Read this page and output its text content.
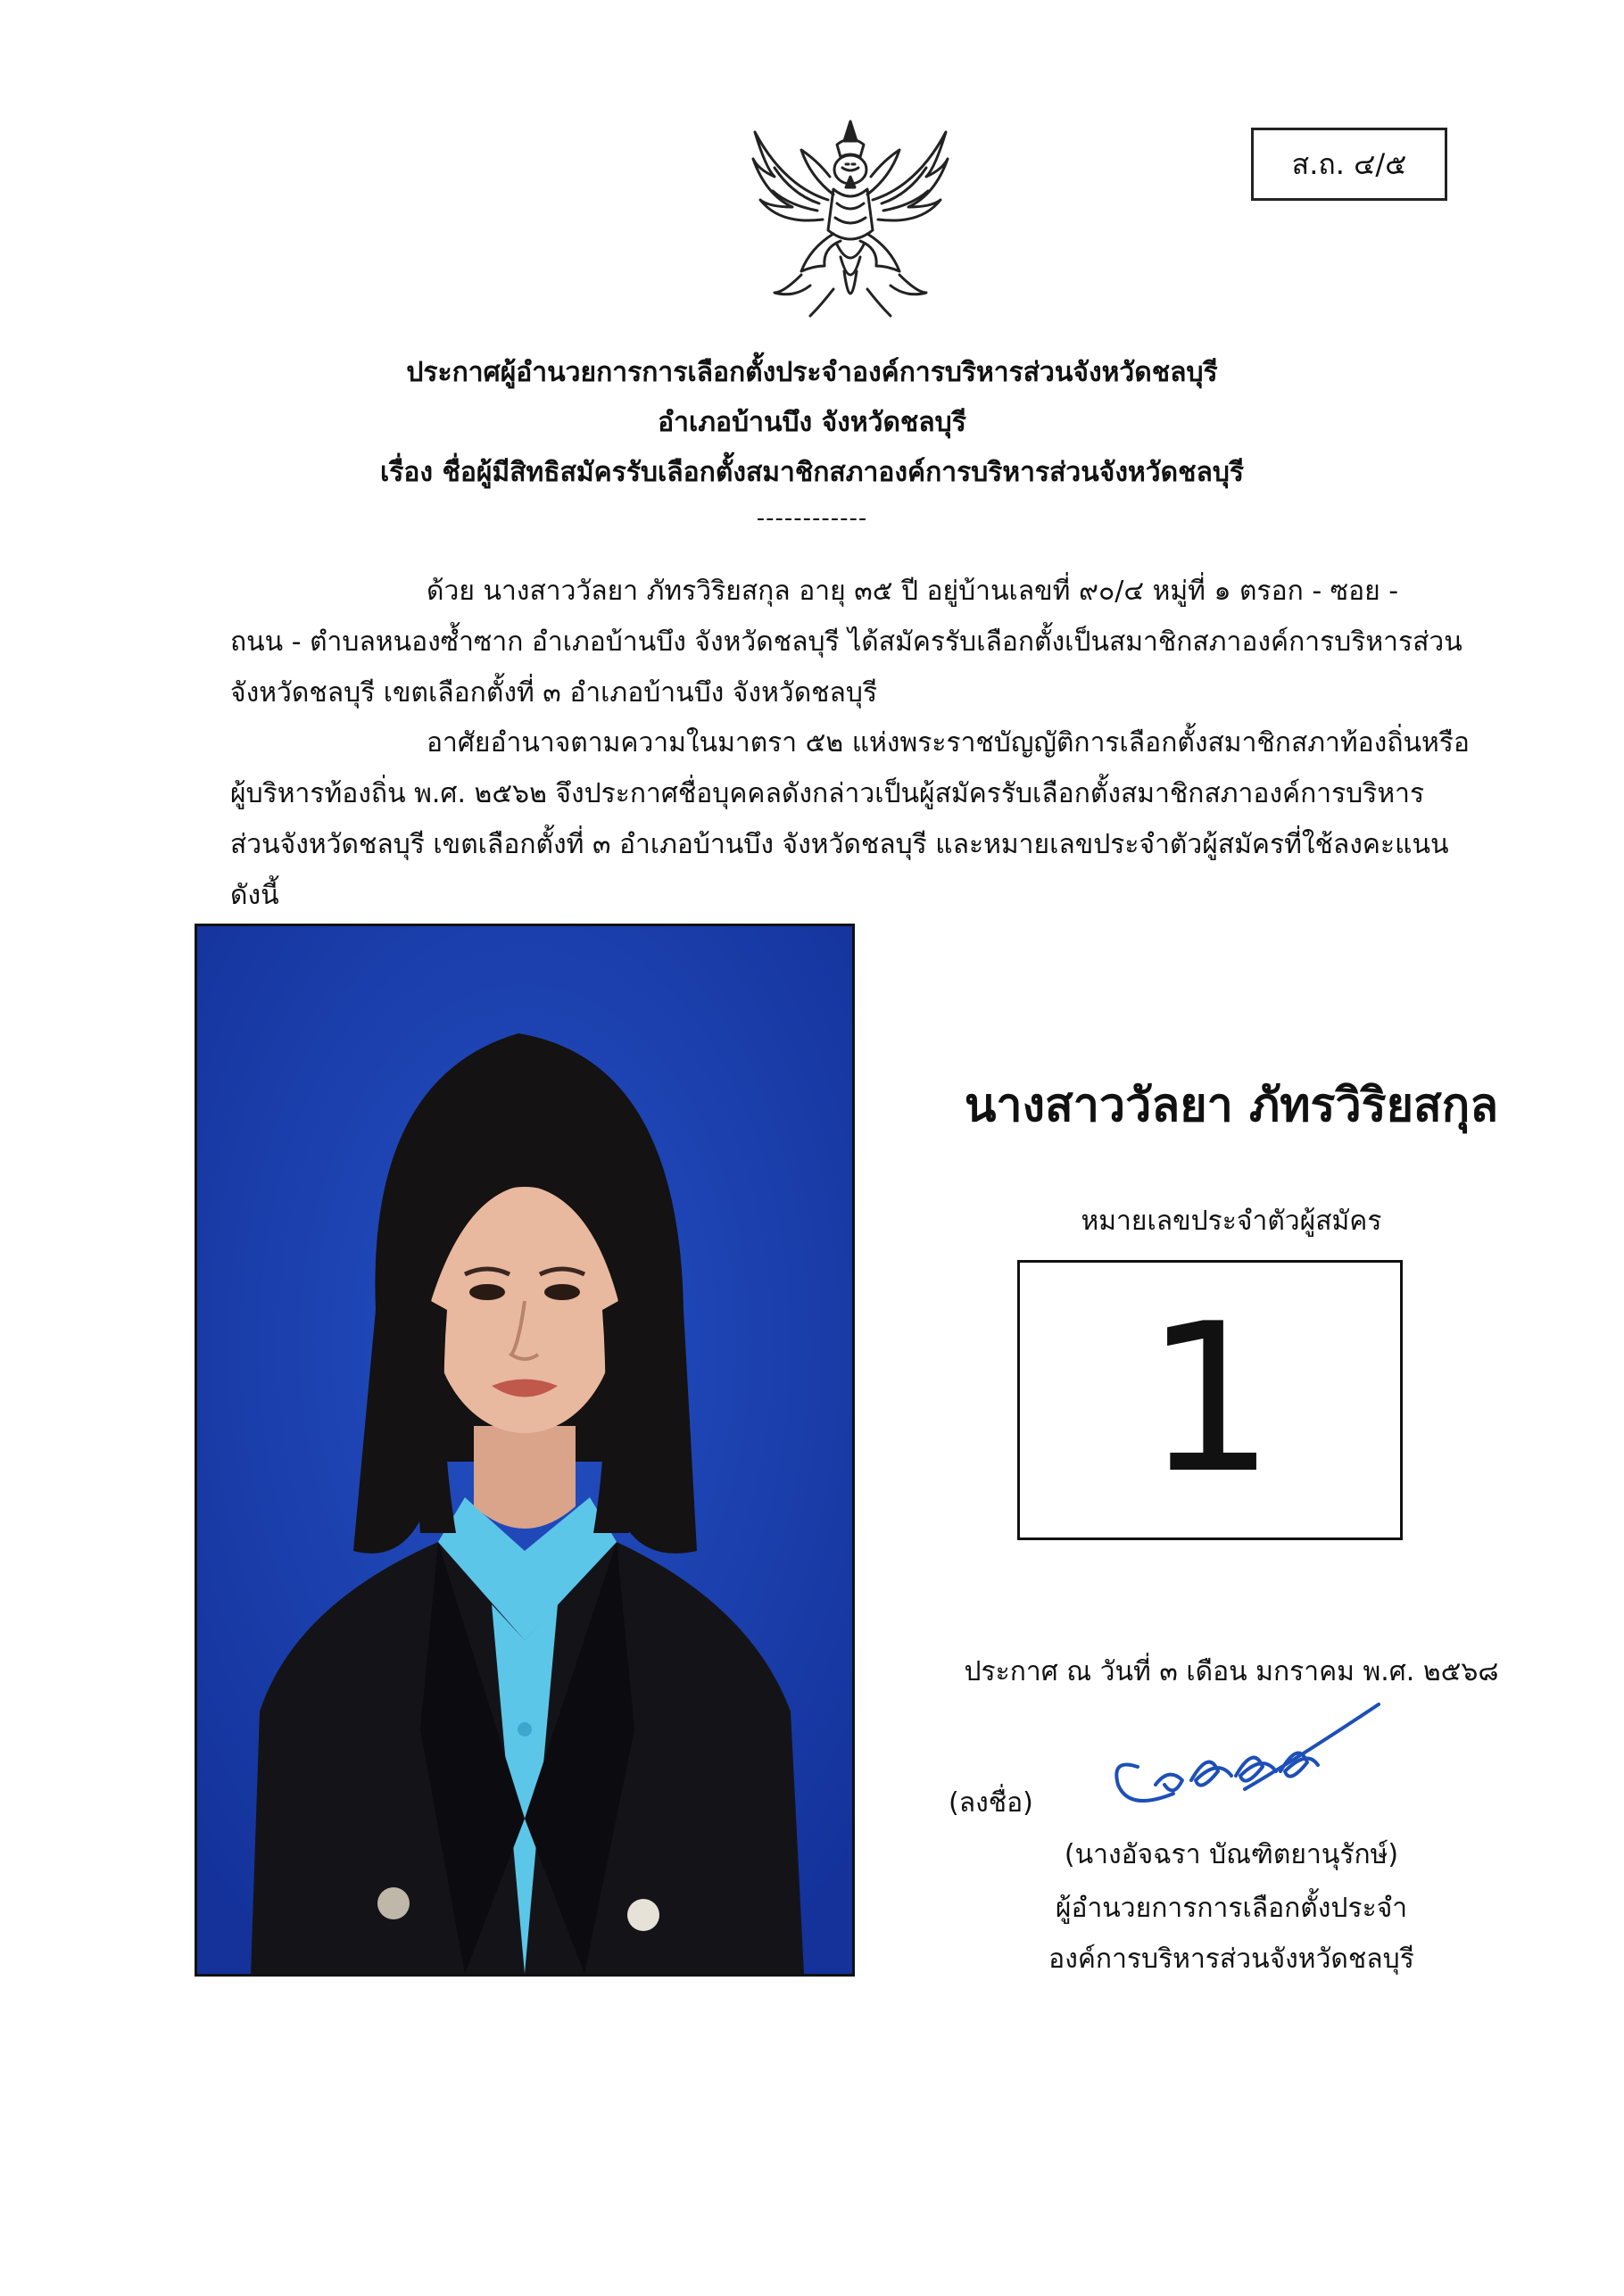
ส.ถ. ๔/๕
ประกาศผู้อำนวยการการเลือกตั้งประจำองค์การบริหารส่วนจังหวัดชลบุรี
อำเภอบ้านบึง จังหวัดชลบุรี
เรื่อง ชื่อผู้มีสิทธิสมัครรับเลือกตั้งสมาชิกสภาองค์การบริหารส่วนจังหวัดชลบุรี
------------
ด้วย นางสาววัลยา ภัทรวิริยสกุล อายุ ๓๕ ปี อยู่บ้านเลขที่ ๙๐/๔ หมู่ที่ ๑ ตรอก - ซอย -
ถนน - ตำบลหนองซ้ำซาก อำเภอบ้านบึง จังหวัดชลบุรี ได้สมัครรับเลือกตั้งเป็นสมาชิกสภาองค์การบริหารส่วน
จังหวัดชลบุรี เขตเลือกตั้งที่ ๓ อำเภอบ้านบึง จังหวัดชลบุรี
อาศัยอำนาจตามความในมาตรา ๕๒ แห่งพระราชบัญญัติการเลือกตั้งสมาชิกสภาท้องถิ่นหรือ
ผู้บริหารท้องถิ่น พ.ศ. ๒๕๖๒ จึงประกาศชื่อบุคคลดังกล่าวเป็นผู้สมัครรับเลือกตั้งสมาชิกสภาองค์การบริหาร
ส่วนจังหวัดชลบุรี เขตเลือกตั้งที่ ๓ อำเภอบ้านบึง จังหวัดชลบุรี และหมายเลขประจำตัวผู้สมัครที่ใช้ลงคะแนน
ดังนี้
นางสาววัลยา ภัทรวิริยสกุล
หมายเลขประจำตัวผู้สมัคร
1
ประกาศ ณ วันที่ ๓ เดือน มกราคม พ.ศ. ๒๕๖๘
(ลงชื่อ)
(นางอัจฉรา บัณฑิตยานุรักษ์)
ผู้อำนวยการการเลือกตั้งประจำ
องค์การบริหารส่วนจังหวัดชลบุรี
